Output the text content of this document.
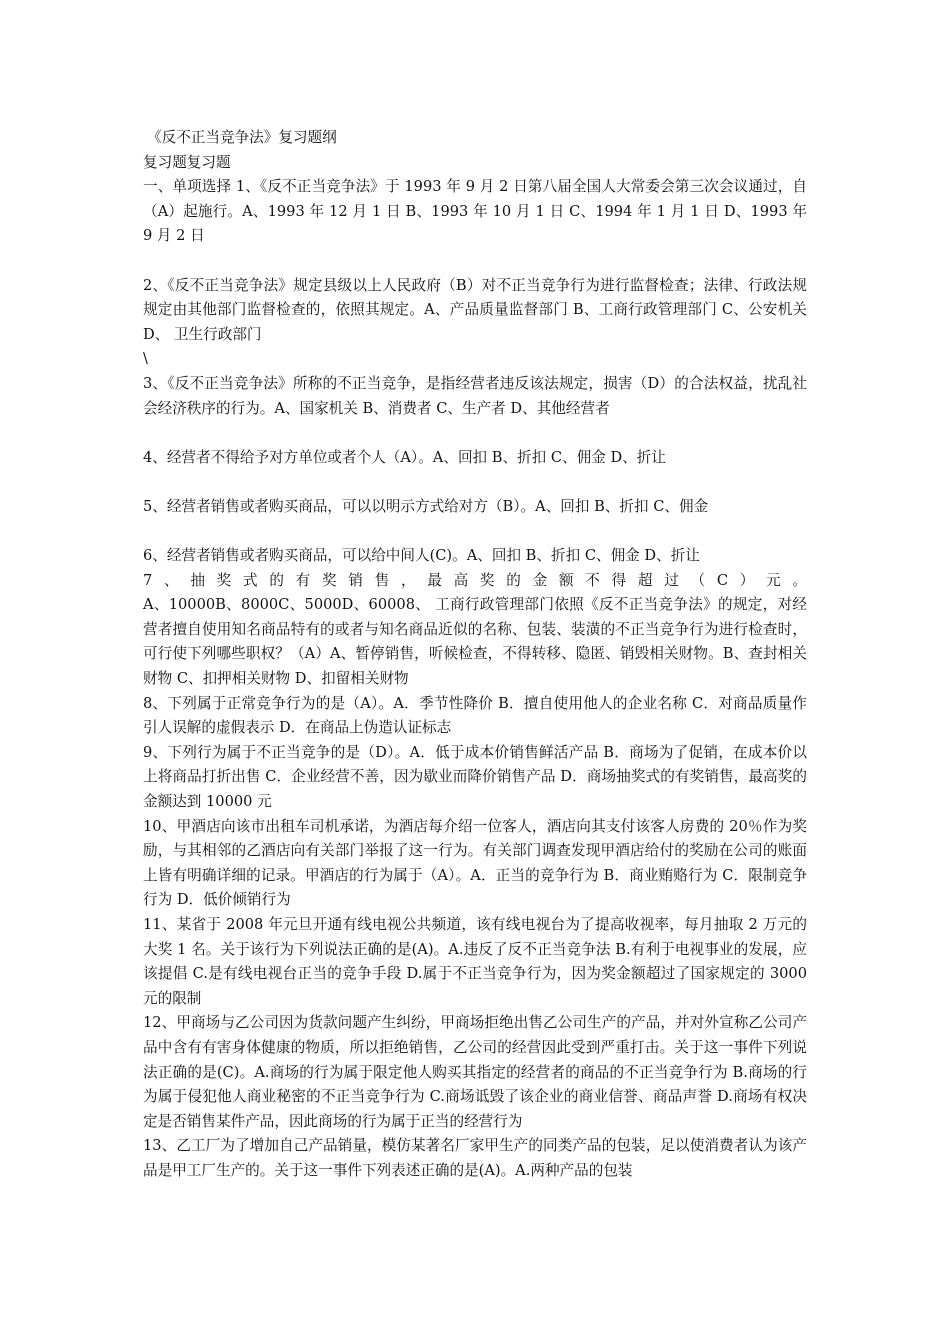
《反不正当竞争法》复习题纲

复习题复习题

一、单项选择 1、《反不正当竞争法》于 1993 年 9 月 2 日第八届全国人大常委会第三次会议通过，自（A）起施行。A、1993 年 12 月 1 日 B、1993 年 10 月 1 日 C、1994 年 1 月 1 日 D、1993 年 9 月 2 日

2、《反不正当竞争法》规定县级以上人民政府（B）对不正当竞争行为进行监督检查；法律、行政法规规定由其他部门监督检查的，依照其规定。A、产品质量监督部门 B、工商行政管理部门 C、公安机关 D、 卫生行政部门

\

3、《反不正当竞争法》所称的不正当竞争，是指经营者违反该法规定，损害（D）的合法权益，扰乱社会经济秩序的行为。A、国家机关 B、消费者 C、生产者 D、其他经营者

4、经营者不得给予对方单位或者个人（A）。A、回扣 B、折扣 C、佣金 D、折让

5、经营者销售或者购买商品，可以以明示方式给对方（B）。A、回扣 B、折扣 C、佣金

6、经营者销售或者购买商品，可以给中间人(C)。A、回扣 B、折扣 C、佣金 D、折让

7、抽奖式的有奖销售，最高奖的金额不得超过（C）元。

A、10000B、8000C、5000D、60008、 工商行政管理部门依照《反不正当竞争法》的规定，对经营者擅自使用知名商品特有的或者与知名商品近似的名称、包装、装潢的不正当竞争行为进行检查时，可行使下列哪些职权？（A）A、暂停销售，听候检查，不得转移、隐匿、销毁相关财物。B、查封相关财物 C、扣押相关财物 D、扣留相关财物

8、下列属于正常竞争行为的是（A）。A．季节性降价 B．擅自使用他人的企业名称 C．对商品质量作引人误解的虚假表示 D．在商品上伪造认证标志

9、下列行为属于不正当竞争的是（D）。A．低于成本价销售鲜活产品 B．商场为了促销，在成本价以上将商品打折出售 C．企业经营不善，因为歇业而降价销售产品 D．商场抽奖式的有奖销售，最高奖的金额达到 10000 元

10、甲酒店向该市出租车司机承诺，为酒店每介绍一位客人，酒店向其支付该客人房费的 20％作为奖励，与其相邻的乙酒店向有关部门举报了这一行为。有关部门调查发现甲酒店给付的奖励在公司的账面上皆有明确详细的记录。甲酒店的行为属于（A）。A．正当的竞争行为 B．商业贿赂行为 C．限制竞争行为 D．低价倾销行为

11、某省于 2008 年元旦开通有线电视公共频道，该有线电视台为了提高收视率，每月抽取 2 万元的大奖 1 名。关于该行为下列说法正确的是(A)。A.违反了反不正当竞争法 B.有利于电视事业的发展，应该提倡 C.是有线电视台正当的竞争手段 D.属于不正当竞争行为，因为奖金额超过了国家规定的 3000 元的限制

12、甲商场与乙公司因为货款问题产生纠纷，甲商场拒绝出售乙公司生产的产品，并对外宣称乙公司产品中含有有害身体健康的物质，所以拒绝销售，乙公司的经营因此受到严重打击。关于这一事件下列说法正确的是(C)。A.商场的行为属于限定他人购买其指定的经营者的商品的不正当竞争行为 B.商场的行为属于侵犯他人商业秘密的不正当竞争行为 C.商场诋毁了该企业的商业信誉、商品声誉 D.商场有权决定是否销售某件产品，因此商场的行为属于正当的经营行为

13、乙工厂为了增加自己产品销量，模仿某著名厂家甲生产的同类产品的包装，足以使消费者认为该产品是甲工厂生产的。关于这一事件下列表述正确的是(A)。A.两种产品的包装
